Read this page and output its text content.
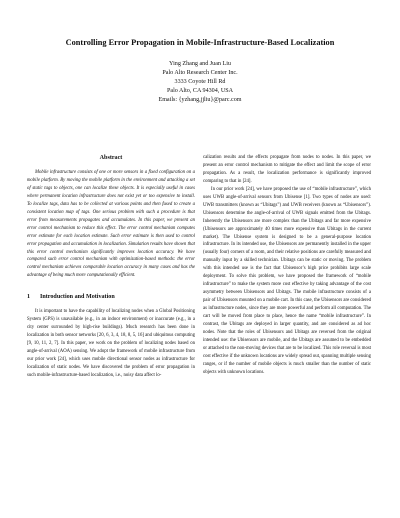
Controlling Error Propagation in Mobile-Infrastructure-Based Localization
Ying Zhang and Juan Liu
Palo Alto Research Center Inc.
3333 Coyote Hill Rd
Palo Alto, CA 94304, USA
Emails: {yzhang,jjliu}@parc.com
Abstract

Mobile infrastructure consists of one or more sensors in a fixed configuration on a mobile platform. By moving the mobile platform in the environment and attacking a set of static tags to objects, one can localize these objects. It is especially useful in cases where permanent location infrastructure does not exist yet or too expensive to install. To localize tags, data has to be collected at various points and then fused to create a consistent location map of tags. One serious problem with such a procedure is that error from measurements propagates and accumulates. In this paper, we present an error control mechanism to reduce this effect. The error control mechanism computes error estimate for each location estimate. Such error estimate is then used to control error propagation and accumulation in localization. Simulation results have shown that this error control mechanism significantly improves location accuracy. We have compared such error control mechanism with optimization-based methods: the error control mechanism achieves comparable location accuracy in many cases and has the advantage of being much more computationally efficient.

1 Introduction and Motivation

It is important to have the capability of localizing nodes when a Global Positioning System (GPS) is unavailable (e.g., in an indoor environment) or inaccurate (e.g., in a city center surrounded by high-rise buildings). Much research has been done in localization in both sensor networks [20, 6, 3, 4, 18, 8, 5, 16] and ubiquitous computing [9, 10, 11, 2, 7]. In this paper, we work on the problem of localizing nodes based on angle-of-arrival (AOA) sensing. We adopt the framework of mobile infrastructure from our prior work [24], which uses mobile directional sensor nodes as infrastructure for localization of static nodes. We have discovered the problem of error propagation in such mobile-infrastructure-based localization, i.e., noisy data affect lo-

calization results and the effects propagate from nodes to nodes. In this paper, we present an error control mechanism to mitigate the effect and limit the scope of error propagation. As a result, the localization performance is significantly improved comparing to that in [24].

In our prior work [24], we have proposed the use of “mobile infrastructure”, which uses UWB angle-of-arrival sensors from Ubisense [1]. Two types of nodes are used: UWB transmitters (known as “Ubitags”) and UWB receivers (known as “Ubisensors”). Ubisensors determine the angle-of-arrival of UWB signals emitted from the Ubitags. Inherently the Ubisensors are more complex than the Ubitags and far more expensive (Ubisensors are approximately 40 times more expensive than Ubitags in the current market). The Ubisense system is designed to be a general-purpose location infrastructure. In its intended use, the Ubisensors are permanently installed in the upper (usually four) corners of a room, and their relative positions are carefully measured and manually input by a skilled technician. Ubitags can be static or moving. The problem with this intended use is the fact that Ubisensor’s high price prohibits large scale deployment. To solve this problem, we have proposed the framework of “mobile infrastructure” to make the system more cost effective by taking advantage of the cost asymmetry between Ubisensors and Ubitags. The mobile infrastructure consists of a pair of Ubisensors mounted on a mobile cart. In this case, the Ubisensors are considered as infrastructure nodes, since they are more powerful and perform all computation. The cart will be moved from place to place, hence the name “mobile infrastructure”. In contrast, the Ubitags are deployed in larger quantity, and are considered as ad hoc nodes. Note that the roles of Ubisensors and Ubitags are reversed from the original intended use: the Ubisensors are mobile, and the Ubitags are assumed to be embedded or attached to the non-moving devices that are to be localized. This role reversal is most cost effective if the unknown locations are widely spread out, spanning multiple sensing ranges, or if the number of mobile objects is much smaller than the number of static objects with unknown locations.
